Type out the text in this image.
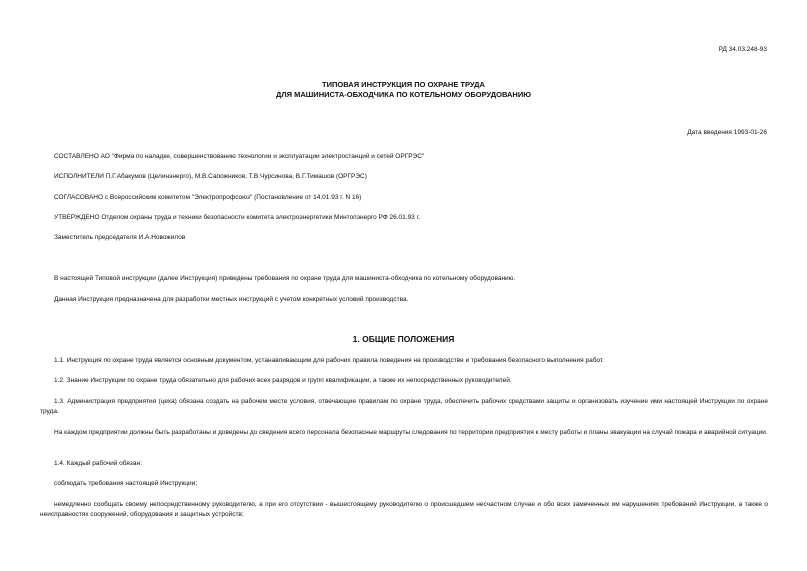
РД 34.03.248-93
ТИПОВАЯ ИНСТРУКЦИЯ ПО ОХРАНЕ ТРУДА
ДЛЯ МАШИНИСТА-ОБХОДЧИКА ПО КОТЕЛЬНОМУ ОБОРУДОВАНИЮ
Дата введения 1993-01-26
СОСТАВЛЕНО АО "Фирма по наладке, совершенствованию технологии и эксплуатации электростанций и сетей ОРГРЭС"
ИСПОЛНИТЕЛИ П.Г.Абакумов (Целинэнерго), М.В.Сапожников, Т.В.Чурсинова, В.Г.Тимашов (ОРГРЭС)
СОГЛАСОВАНО с Всероссийским комитетом "Электропрофсоюз" (Постановление от 14.01.93 г. N 16)
УТВЕРЖДЕНО Отделом охраны труда и техники безопасности комитета электроэнергетики Минтопэнерго РФ 26.01.93 г.
Заместитель председателя И.А.Новожилов
В настоящей Типовой инструкции (далее Инструкция) приведены требования по охране труда для машиниста-обходчика по котельному оборудованию.
Данная Инструкция предназначена для разработки местных инструкций с учетом конкретных условий производства.
1. ОБЩИЕ ПОЛОЖЕНИЯ
1.1. Инструкция по охране труда является основным документом, устанавливающим для рабочих правила поведения на производстве и требования безопасного выполнения работ.
1.2. Знание Инструкции по охране труда обязательно для рабочих всех разрядов и групп квалификации, а также их непосредственных руководителей.
1.3. Администрация предприятия (цеха) обязана создать на рабочем месте условия, отвечающие правилам по охране труда, обеспечить рабочих средствами защиты и организовать изучение ими настоящей Инструкции по охране труда.
На каждом предприятии должны быть разработаны и доведены до сведения всего персонала безопасные маршруты следования по территории предприятия к месту работы и планы эвакуации на случай пожара и аварийной ситуации.
1.4. Каждый рабочий обязан:
соблюдать требования настоящей Инструкции;
немедленно сообщать своему непосредственному руководителю, а при его отсутствии - вышестоящему руководителю о происшедшем несчастном случае и обо всех замеченных им нарушениях требований Инструкции, а также о неисправностях сооружений, оборудования и защитных устройств;
